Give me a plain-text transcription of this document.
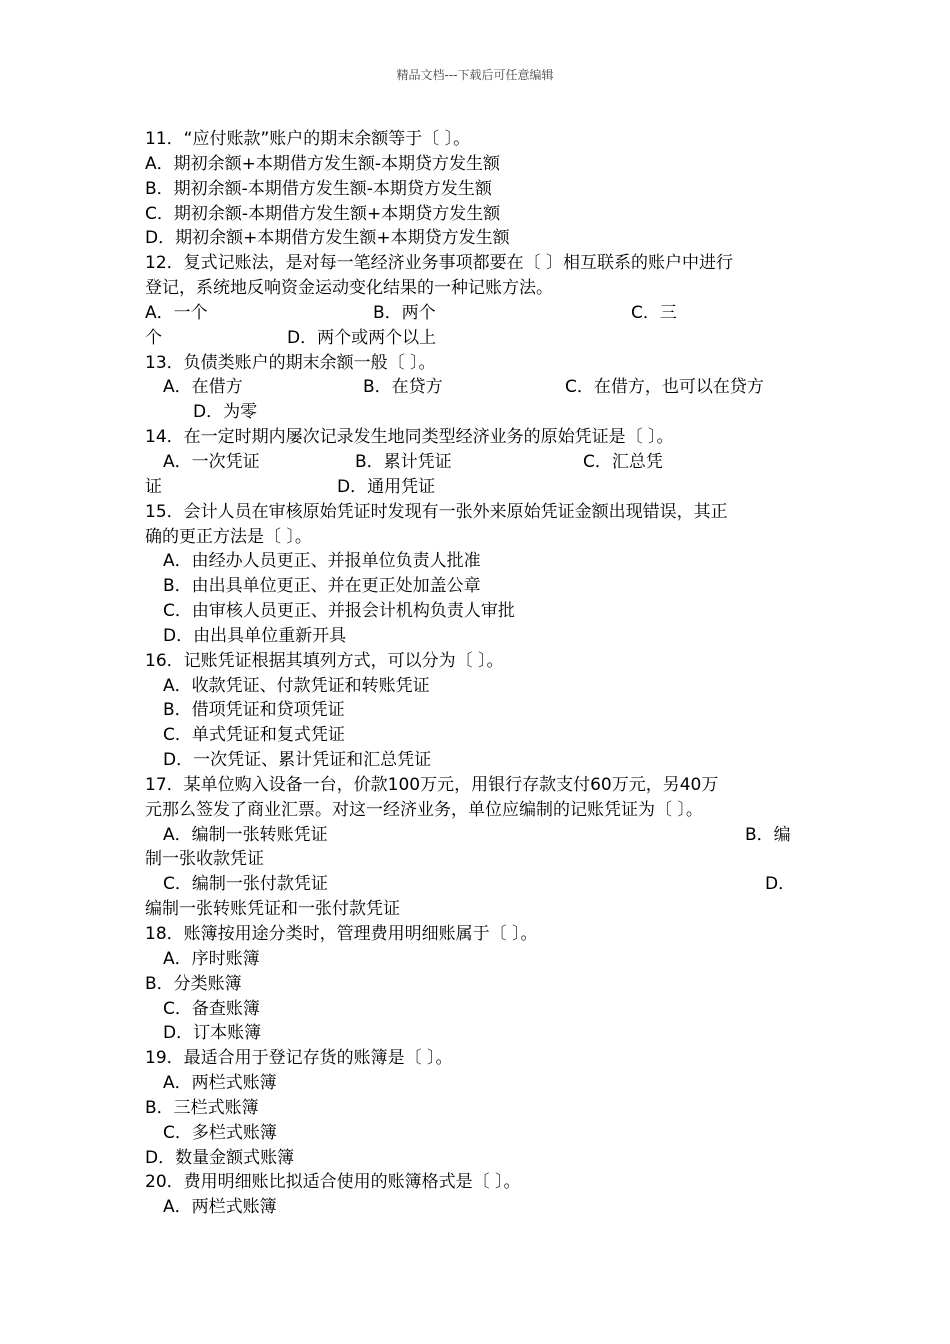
精品文档---下载后可任意编辑
11．“应付账款”账户的期末余额等于〔 〕。
A．期初余额+本期借方发生额-本期贷方发生额
B．期初余额-本期借方发生额-本期贷方发生额
C．期初余额-本期借方发生额+本期贷方发生额
D．期初余额+本期借方发生额+本期贷方发生额
12．复式记账法，是对每一笔经济业务事项都要在〔 〕相互联系的账户中进行
登记，系统地反响资金运动变化结果的一种记账方法。

A．一个

	B．两个

	C．三

个

	D．两个或两个以上

13．负债类账户的期末余额一般〔 〕。

A．在借方

	B．在贷方

	C．在借方，也可以在贷方

D．为零

14．在一定时期内屡次记录发生地同类型经济业务的原始凭证是〔 〕。

A．一次凭证

	B．累计凭证

	C．汇总凭

证

	D．通用凭证

15．会计人员在审核原始凭证时发现有一张外来原始凭证金额出现错误，其正
确的更正方法是〔 〕。
A．由经办人员更正、并报单位负责人批准
B．由出具单位更正、并在更正处加盖公章
C．由审核人员更正、并报会计机构负责人审批
D．由出具单位重新开具
16．记账凭证根据其填列方式，可以分为〔 〕。
A．收款凭证、付款凭证和转账凭证
B．借项凭证和贷项凭证
C．单式凭证和复式凭证
D．一次凭证、累计凭证和汇总凭证
17．某单位购入设备一台，价款100万元，用银行存款支付60万元，另40万
元那么签发了商业汇票。对这一经济业务，单位应编制的记账凭证为〔 〕。

A．编制一张转账凭证

	B．编

制一张收款凭证

C．编制一张付款凭证

	D．

编制一张转账凭证和一张付款凭证
18．账簿按用途分类时，管理费用明细账属于〔 〕。
A．序时账簿
B．分类账簿
C．备查账簿
D．订本账簿
19．最适合用于登记存货的账簿是〔 〕。
A．两栏式账簿
B．三栏式账簿
C．多栏式账簿
D．数量金额式账簿
20．费用明细账比拟适合使用的账簿格式是〔 〕。
A．两栏式账簿
